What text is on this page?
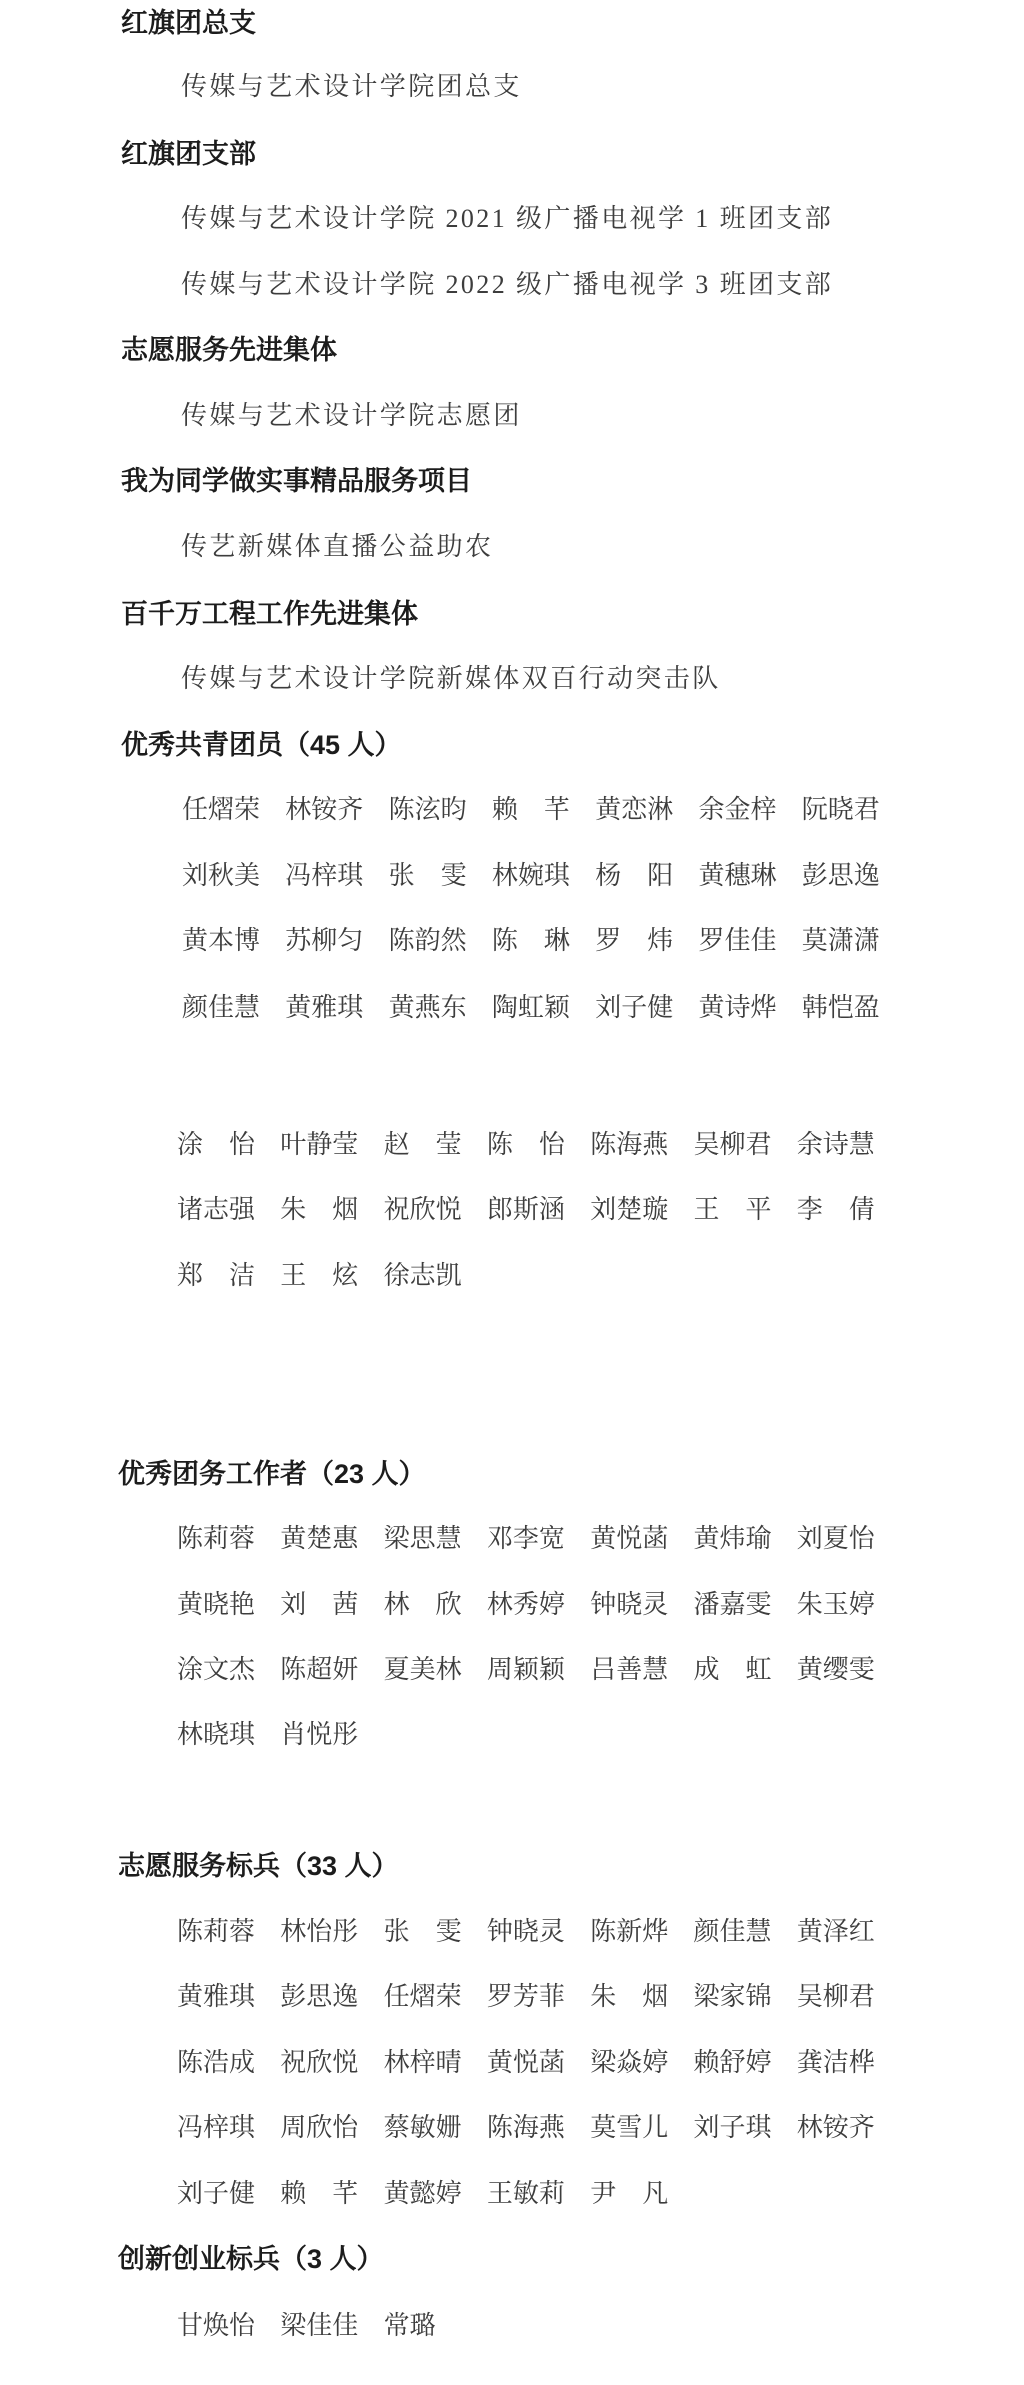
红旗团总支
传媒与艺术设计学院团总支
红旗团支部
传媒与艺术设计学院 2021 级广播电视学 1 班团支部
传媒与艺术设计学院 2022 级广播电视学 3 班团支部
志愿服务先进集体
传媒与艺术设计学院志愿团
我为同学做实事精品服务项目
传艺新媒体直播公益助农
百千万工程工作先进集体
传媒与艺术设计学院新媒体双百行动突击队
优秀共青团员（45 人）
任熠荣 林铵齐 陈泫昀 赖　芊 黄恋淋 余金梓 阮晓君
刘秋美 冯梓琪 张　雯 林婉琪 杨　阳 黄穗琳 彭思逸
黄本博 苏柳匀 陈韵然 陈　琳 罗　炜 罗佳佳 莫潇潇
颜佳慧 黄雅琪 黄燕东 陶虹颖 刘子健 黄诗烨 韩恺盈
涂　怡 叶静莹 赵　莹 陈　怡 陈海燕 吴柳君 余诗慧
诸志强 朱　烟 祝欣悦 郎斯涵 刘楚璇 王　平 李　倩
郑　洁 王　炫 徐志凯
优秀团务工作者（23 人）
陈莉蓉 黄楚惠 梁思慧 邓李宽 黄悦菡 黄炜瑜 刘夏怡
黄晓艳 刘　茜 林　欣 林秀婷 钟晓灵 潘嘉雯 朱玉婷
涂文杰 陈超妍 夏美林 周颖颖 吕善慧 成　虹 黄缨雯
林晓琪 肖悦彤
志愿服务标兵（33 人）
陈莉蓉 林怡彤 张　雯 钟晓灵 陈新烨 颜佳慧 黄泽红
黄雅琪 彭思逸 任熠荣 罗芳菲 朱　烟 梁家锦 吴柳君
陈浩成 祝欣悦 林梓晴 黄悦菡 梁焱婷 赖舒婷 龚洁桦
冯梓琪 周欣怡 蔡敏姗 陈海燕 莫雪儿 刘子琪 林铵齐
刘子健 赖　芊 黄懿婷 王敏莉 尹　凡
创新创业标兵（3 人）
甘焕怡 梁佳佳 常璐
